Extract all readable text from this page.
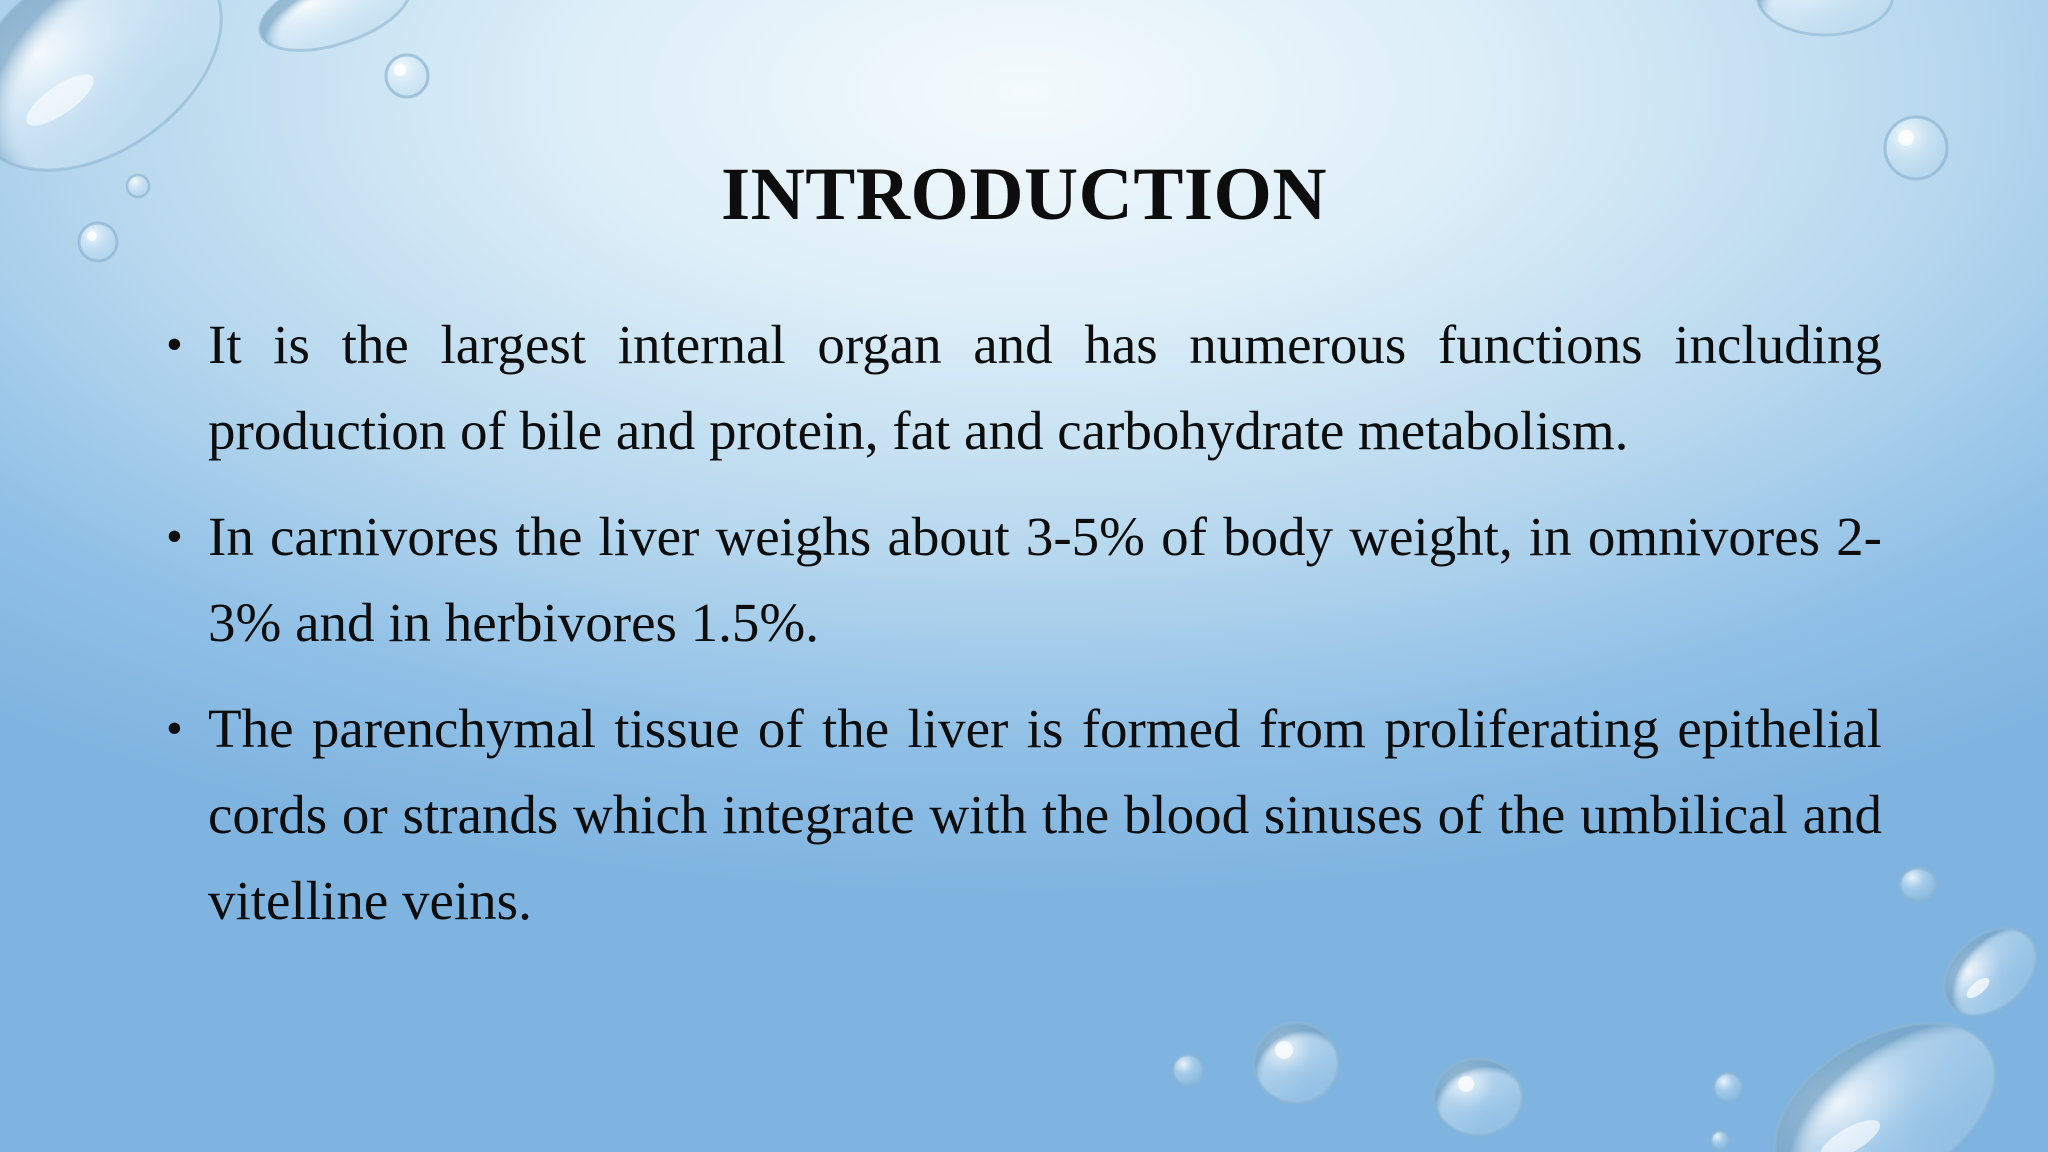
INTRODUCTION
• It is the largest internal organ and has numerous functions including production of bile and protein, fat and carbohydrate metabolism.
• In carnivores the liver weighs about 3-5% of body weight, in omnivores 2-3% and in herbivores 1.5%.
• The parenchymal tissue of the liver is formed from proliferating epithelial cords or strands which integrate with the blood sinuses of the umbilical and vitelline veins.
